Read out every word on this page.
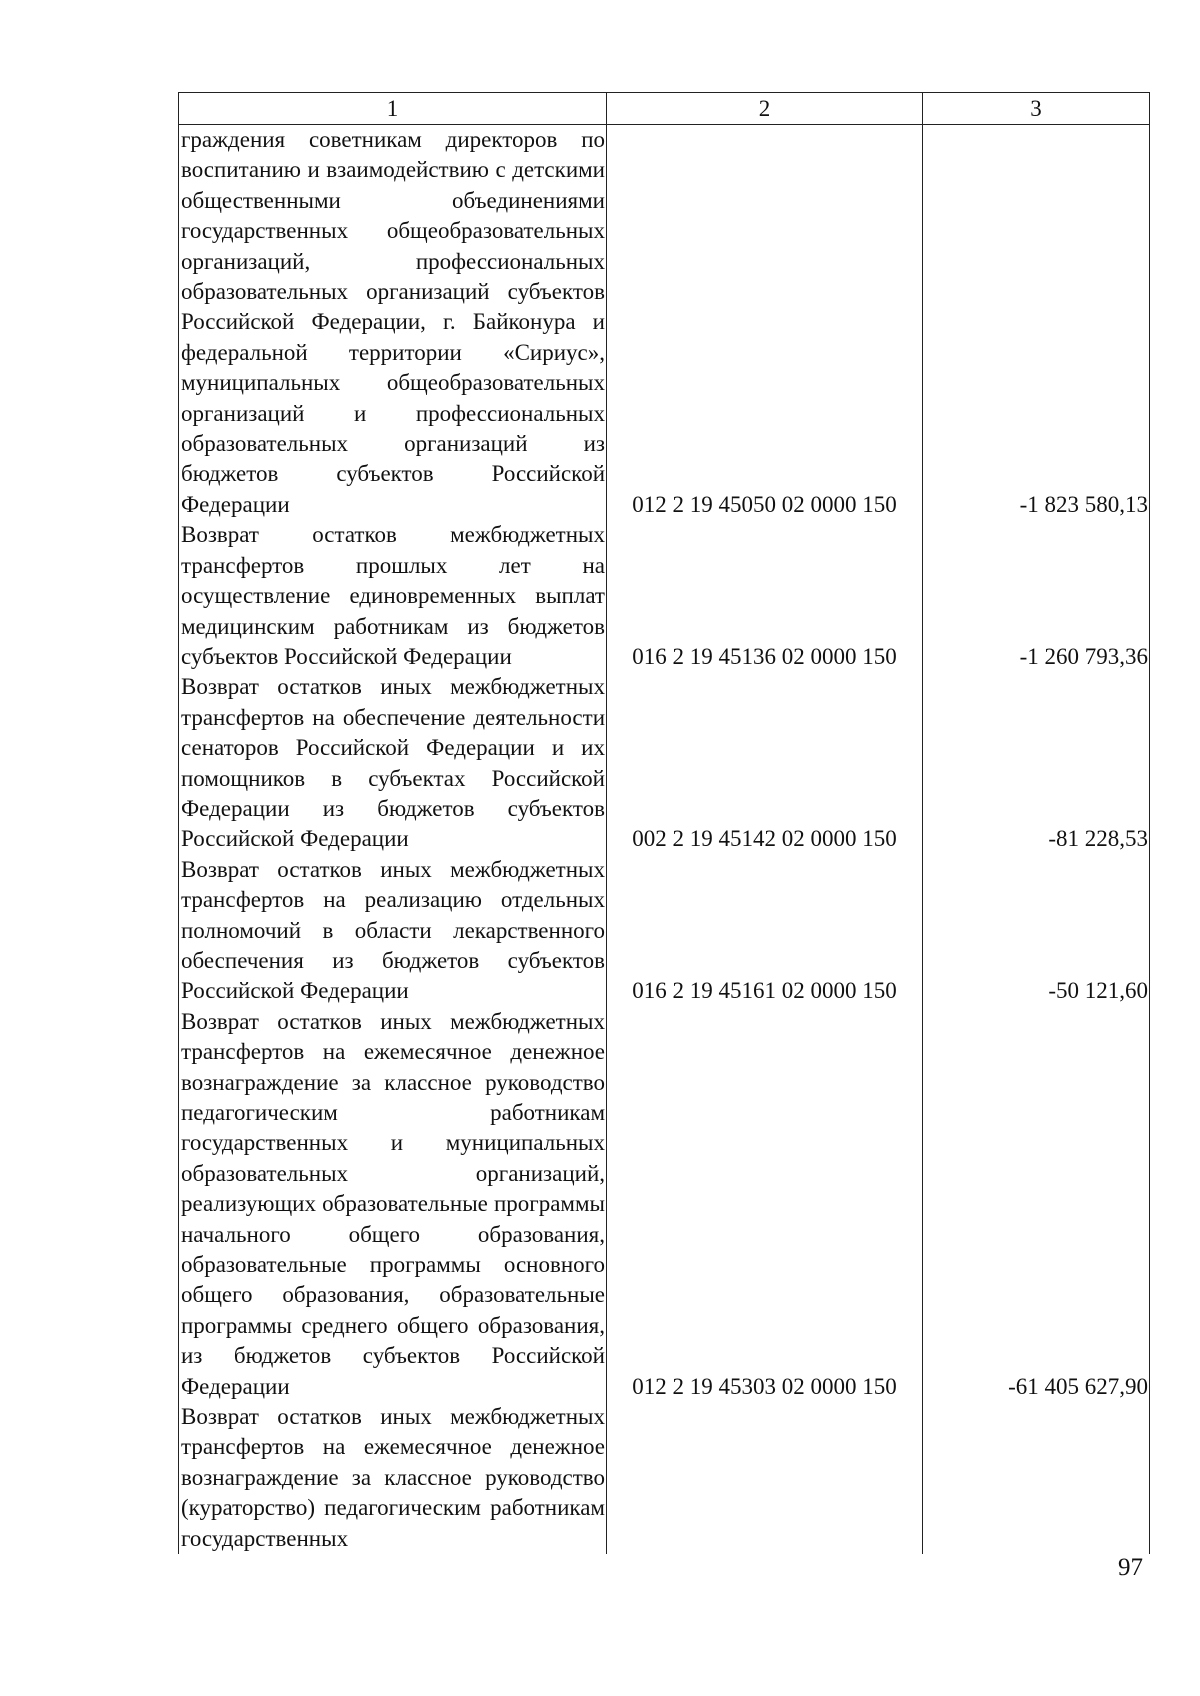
1	2	3
граждения советникам директоров по воспитанию и взаимодействию с детскими общественными объединениями государственных общеобразовательных организаций, профессиональных образовательных организаций субъектов Российской Федерации, г. Байконура и федеральной территории «Сириус», муниципальных общеобразовательных организаций и профессиональных образовательных организаций из бюджетов субъектов Российской Федерации	012 2 19 45050 02 0000 150	-1 823 580,13
Возврат остатков межбюджетных трансфертов прошлых лет на осуществление единовременных выплат медицинским работникам из бюджетов субъектов Российской Федерации	016 2 19 45136 02 0000 150	-1 260 793,36
Возврат остатков иных межбюджетных трансфертов на обеспечение деятельности сенаторов Российской Федерации и их помощников в субъектах Российской Федерации из бюджетов субъектов Российской Федерации	002 2 19 45142 02 0000 150	-81 228,53
Возврат остатков иных межбюджетных трансфертов на реализацию отдельных полномочий в области лекарственного обеспечения из бюджетов субъектов Российской Федерации	016 2 19 45161 02 0000 150	-50 121,60
Возврат остатков иных межбюджетных трансфертов на ежемесячное денежное вознаграждение за классное руководство педагогическим работникам государственных и муниципальных образовательных организаций, реализующих образовательные программы начального общего образования, образовательные программы основного общего образования, образовательные программы среднего общего образования, из бюджетов субъектов Российской Федерации	012 2 19 45303 02 0000 150	-61 405 627,90
Возврат остатков иных межбюджетных трансфертов на ежемесячное денежное вознаграждение за классное руководство (кураторство) педагогическим работникам государственных		
97
